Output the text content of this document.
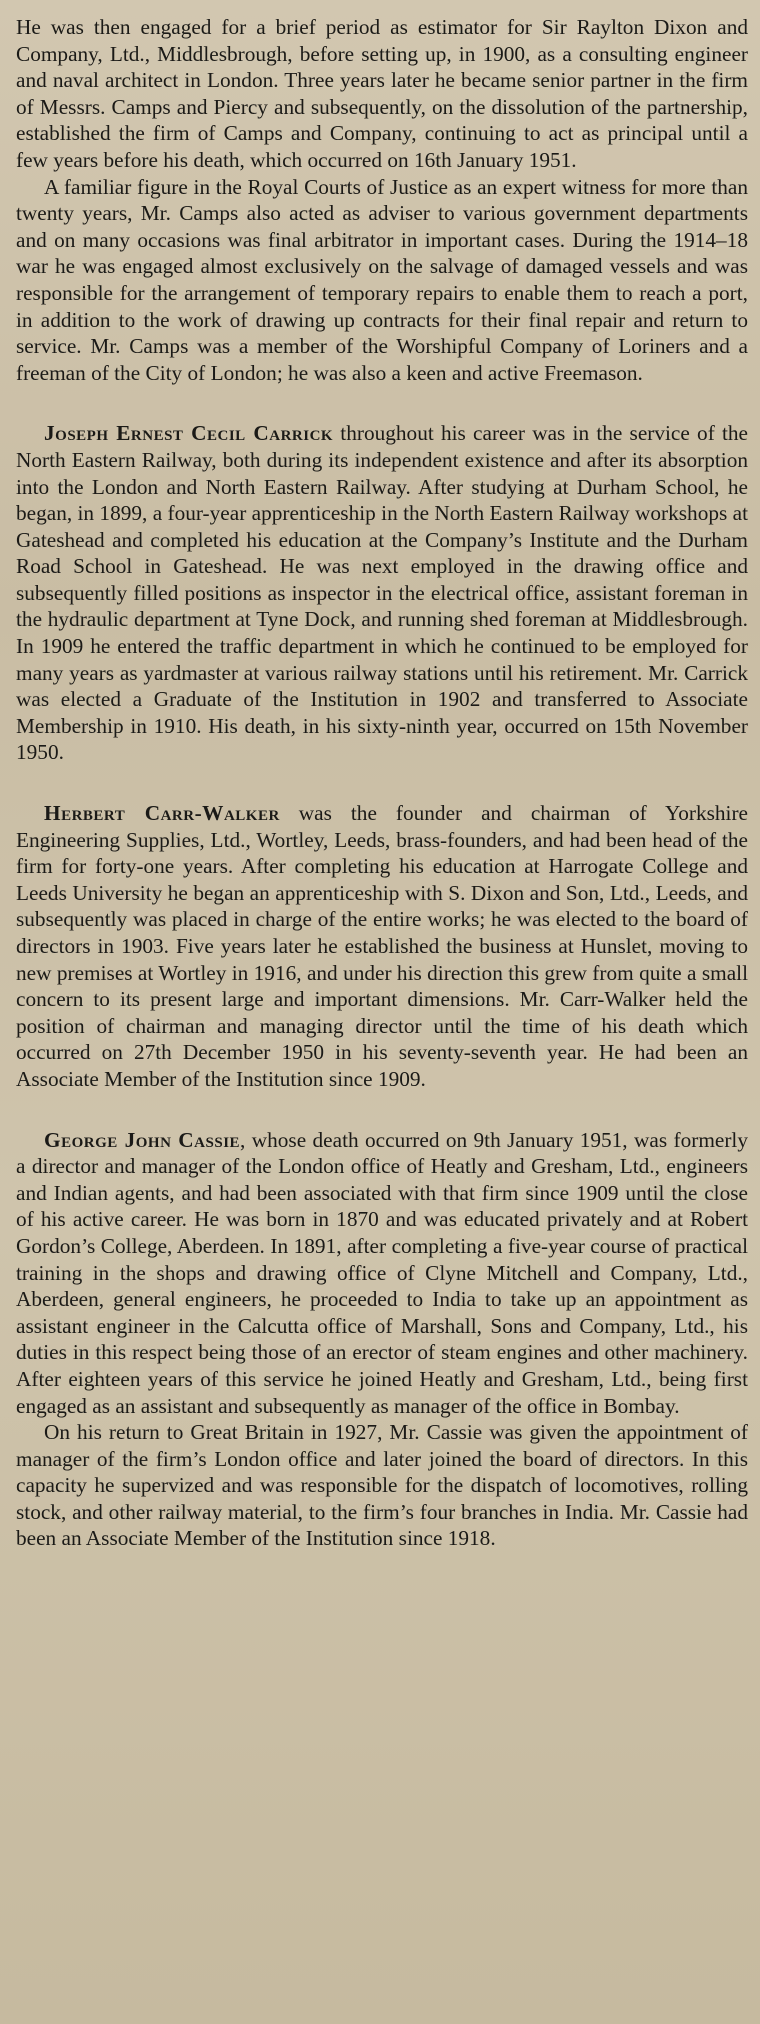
He was then engaged for a brief period as estimator for Sir Raylton Dixon and Company, Ltd., Middlesbrough, before setting up, in 1900, as a consulting engineer and naval architect in London. Three years later he became senior partner in the firm of Messrs. Camps and Piercy and subsequently, on the dissolution of the partnership, established the firm of Camps and Company, continuing to act as principal until a few years before his death, which occurred on 16th January 1951.

A familiar figure in the Royal Courts of Justice as an expert witness for more than twenty years, Mr. Camps also acted as adviser to various government departments and on many occasions was final arbitrator in important cases. During the 1914–18 war he was engaged almost exclusively on the salvage of damaged vessels and was responsible for the arrangement of temporary repairs to enable them to reach a port, in addition to the work of drawing up contracts for their final repair and return to service. Mr. Camps was a member of the Worshipful Company of Loriners and a freeman of the City of London; he was also a keen and active Freemason.

Joseph Ernest Cecil Carrick throughout his career was in the service of the North Eastern Railway, both during its independent existence and after its absorption into the London and North Eastern Railway. After studying at Durham School, he began, in 1899, a four-year apprenticeship in the North Eastern Railway workshops at Gateshead and completed his education at the Company’s Institute and the Durham Road School in Gateshead. He was next employed in the drawing office and subsequently filled positions as inspector in the electrical office, assistant foreman in the hydraulic department at Tyne Dock, and running shed foreman at Middlesbrough. In 1909 he entered the traffic department in which he continued to be employed for many years as yardmaster at various railway stations until his retirement. Mr. Carrick was elected a Graduate of the Institution in 1902 and transferred to Associate Membership in 1910. His death, in his sixty-ninth year, occurred on 15th November 1950.

Herbert Carr-Walker was the founder and chairman of Yorkshire Engineering Supplies, Ltd., Wortley, Leeds, brass-founders, and had been head of the firm for forty-one years. After completing his education at Harrogate College and Leeds University he began an apprenticeship with S. Dixon and Son, Ltd., Leeds, and subsequently was placed in charge of the entire works; he was elected to the board of directors in 1903. Five years later he established the business at Hunslet, moving to new premises at Wortley in 1916, and under his direction this grew from quite a small concern to its present large and important dimensions. Mr. Carr-Walker held the position of chairman and managing director until the time of his death which occurred on 27th December 1950 in his seventy-seventh year. He had been an Associate Member of the Institution since 1909.

George John Cassie, whose death occurred on 9th January 1951, was formerly a director and manager of the London office of Heatly and Gresham, Ltd., engineers and Indian agents, and had been associated with that firm since 1909 until the close of his active career. He was born in 1870 and was educated privately and at Robert Gordon’s College, Aberdeen. In 1891, after completing a five-year course of practical training in the shops and drawing office of Clyne Mitchell and Company, Ltd., Aberdeen, general engineers, he proceeded to India to take up an appointment as assistant engineer in the Calcutta office of Marshall, Sons and Company, Ltd., his duties in this respect being those of an erector of steam engines and other machinery. After eighteen years of this service he joined Heatly and Gresham, Ltd., being first engaged as an assistant and subsequently as manager of the office in Bombay.

On his return to Great Britain in 1927, Mr. Cassie was given the appointment of manager of the firm’s London office and later joined the board of directors. In this capacity he supervized and was responsible for the dispatch of locomotives, rolling stock, and other railway material, to the firm’s four branches in India. Mr. Cassie had been an Associate Member of the Institution since 1918.
